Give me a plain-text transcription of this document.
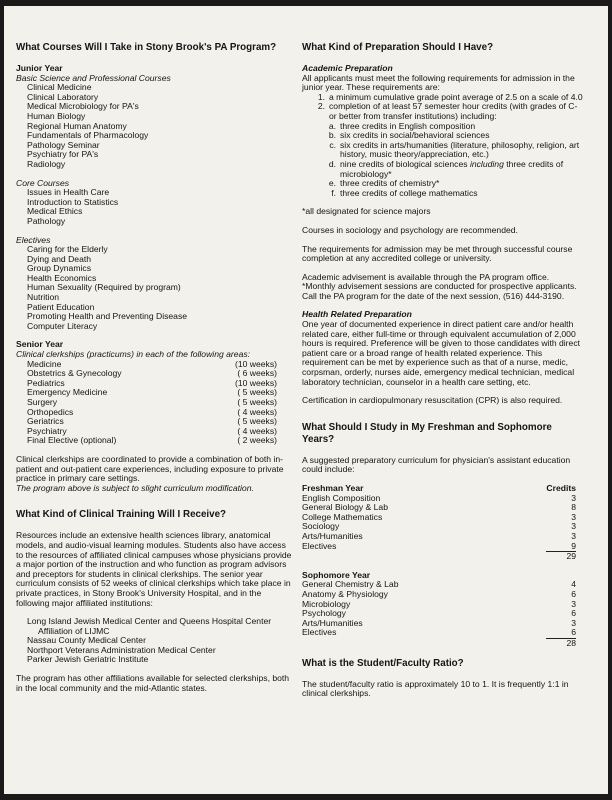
What Courses Will I Take in Stony Brook's PA Program?
Junior Year
Basic Science and Professional Courses
Clinical Medicine
Clinical Laboratory
Medical Microbiology for PA's
Human Biology
Regional Human Anatomy
Fundamentals of Pharmacology
Pathology Seminar
Psychiatry for PA's
Radiology
Core Courses
Issues in Health Care
Introduction to Statistics
Medical Ethics
Pathology
Electives
Caring for the Elderly
Dying and Death
Group Dynamics
Health Economics
Human Sexuality (Required by program)
Nutrition
Patient Education
Promoting Health and Preventing Disease
Computer Literacy
Senior Year
Clinical clerkships (practicums) in each of the following areas:
Medicine	(10 weeks)
Obstetrics & Gynecology	( 6 weeks)
Pediatrics	(10 weeks)
Emergency Medicine	( 5 weeks)
Surgery	( 5 weeks)
Orthopedics	( 4 weeks)
Geriatrics	( 5 weeks)
Psychiatry	( 4 weeks)
Final Elective (optional)	( 2 weeks)

Clinical clerkships are coordinated to provide a combination of both in-patient and out-patient care experiences, including exposure to private practice in primary care settings.

The program above is subject to slight curriculum modification.

What Kind of Clinical Training Will I Receive?

Resources include an extensive health sciences library, anatomical models, and audio-visual learning modules. Students also have access to the resources of affiliated clinical campuses whose physicians provide a major portion of the instruction and who function as program advisors and preceptors for students in clinical clerkships. The senior year curriculum consists of 52 weeks of clinical clerkships which take place in private practices, in Stony Brook's University Hospital, and in the following major affiliated institutions:

Long Island Jewish Medical Center and Queens Hospital Center
Affiliation of LIJMC
Nassau County Medical Center
Northport Veterans Administration Medical Center
Parker Jewish Geriatric Institute

The program has other affiliations available for selected clerkships, both in the local community and the mid-Atlantic states.

What Kind of Preparation Should I Have?
Academic Preparation

All applicants must meet the following requirements for admission in the junior year. These requirements are:

1. a minimum cumulative grade point average of 2.5 on a scale of 4.0
2. completion of at least 57 semester hour credits (with grades of C- or better from transfer institutions) including:
a. three credits in English composition
b. six credits in social/behavioral sciences
c. six credits in arts/humanities (literature, philosophy, religion, art history, music theory/appreciation, etc.)
d. nine credits of biological sciences including three credits of microbiology*
e. three credits of chemistry*
f. three credits of college mathematics

*all designated for science majors

Courses in sociology and psychology are recommended.

The requirements for admission may be met through successful course completion at any accredited college or university.

Academic advisement is available through the PA program office. *Monthly advisement sessions are conducted for prospective applicants. Call the PA program for the date of the next session, (516) 444-3190.

Health Related Preparation

One year of documented experience in direct patient care and/or health related care, either full-time or through equivalent accumulation of 2,000 hours is required. Preference will be given to those candidates with direct patient care or a broad range of health related experience. This requirement can be met by experience such as that of a nurse, medic, corpsman, orderly, nurses aide, emergency medical technician, medical laboratory technician, counselor in a health care setting, etc.

Certification in cardiopulmonary resuscitation (CPR) is also required.

What Should I Study in My Freshman and Sophomore Years?

A suggested preparatory curriculum for physician's assistant education could include:

Freshman Year	Credits
English Composition	3
General Biology & Lab	8
College Mathematics	3
Sociology	3
Arts/Humanities	3
Electives	9
29
Sophomore Year
General Chemistry & Lab	4
Anatomy & Physiology	6
Microbiology	3
Psychology	6
Arts/Humanities	3
Electives	6
28
What is the Student/Faculty Ratio?

The student/faculty ratio is approximately 10 to 1. It is frequently 1:1 in clinical clerkships.
